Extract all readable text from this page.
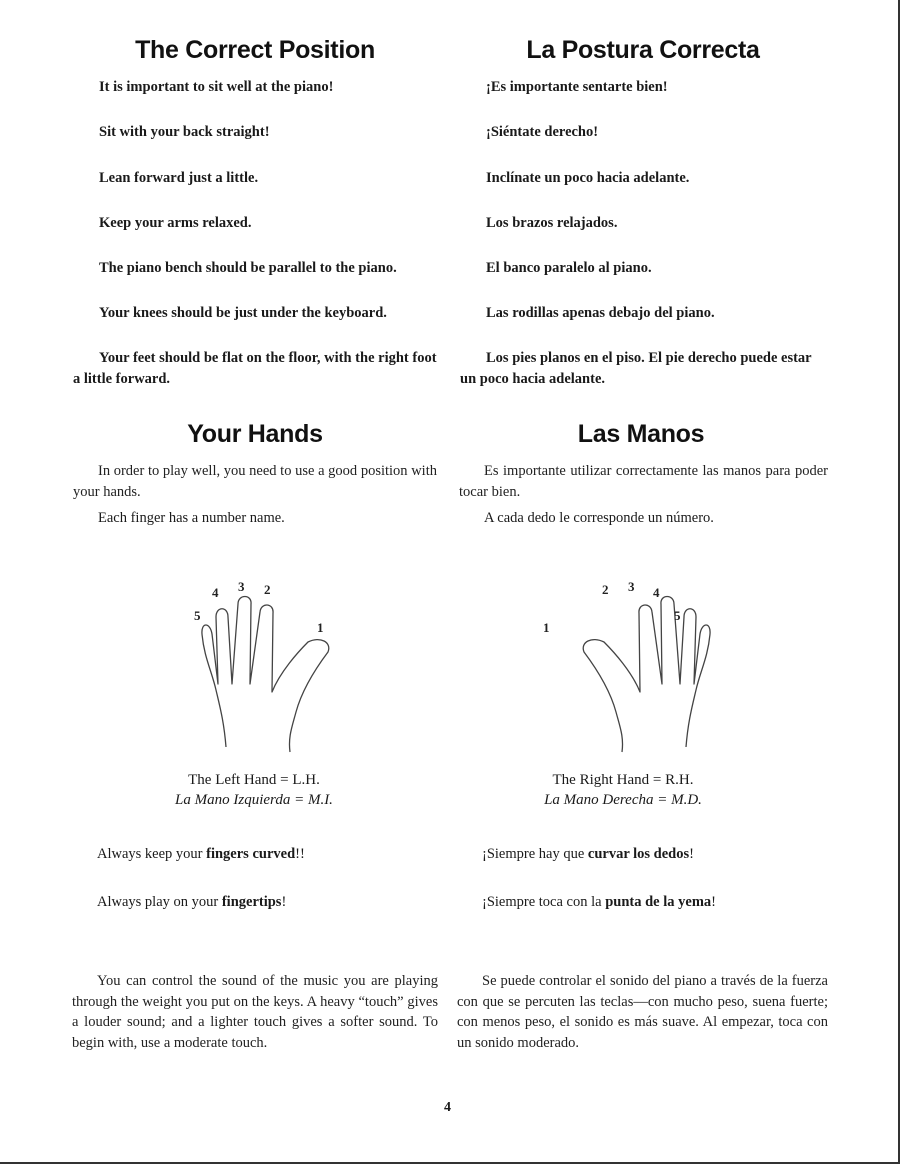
The Correct Position	La Postura Correcta
It is important to sit well at the piano!
Sit with your back straight!
Lean forward just a little.
Keep your arms relaxed.
The piano bench should be parallel to the piano.
Your knees should be just under the keyboard.
Your feet should be flat on the floor, with the right foot a little forward.
¡Es importante sentarte bien!
¡Siéntate derecho!
Inclínate un poco hacia adelante.
Los brazos relajados.
El banco paralelo al piano.
Las rodillas apenas debajo del piano.
Los pies planos en el piso. El pie derecho puede estar un poco hacia adelante.
Your Hands	Las Manos
In order to play well, you need to use a good position with your hands.
Es importante utilizar correctamente las manos para poder tocar bien.
Each finger has a number name.	A cada dedo le corresponde un número.
5
4 3 2
1	1
2 3 4
5
The Left Hand = L.H.
La Mano Izquierda = M.I.
The Right Hand = R.H.
La Mano Derecha = M.D.
Always keep your fingers curved!!	¡Siempre hay que curvar los dedos!
Always play on your fingertips!	¡Siempre toca con la punta de la yema!
You can control the sound of the music you are playing through the weight you put on the keys. A heavy “touch” gives a louder sound; and a lighter touch gives a softer sound. To begin with, use a moderate touch.
Se puede controlar el sonido del piano a través de la fuerza con que se percuten las teclas—con mucho peso, suena fuerte; con menos peso, el sonido es más suave. Al empezar, toca con un sonido moderado.
4
